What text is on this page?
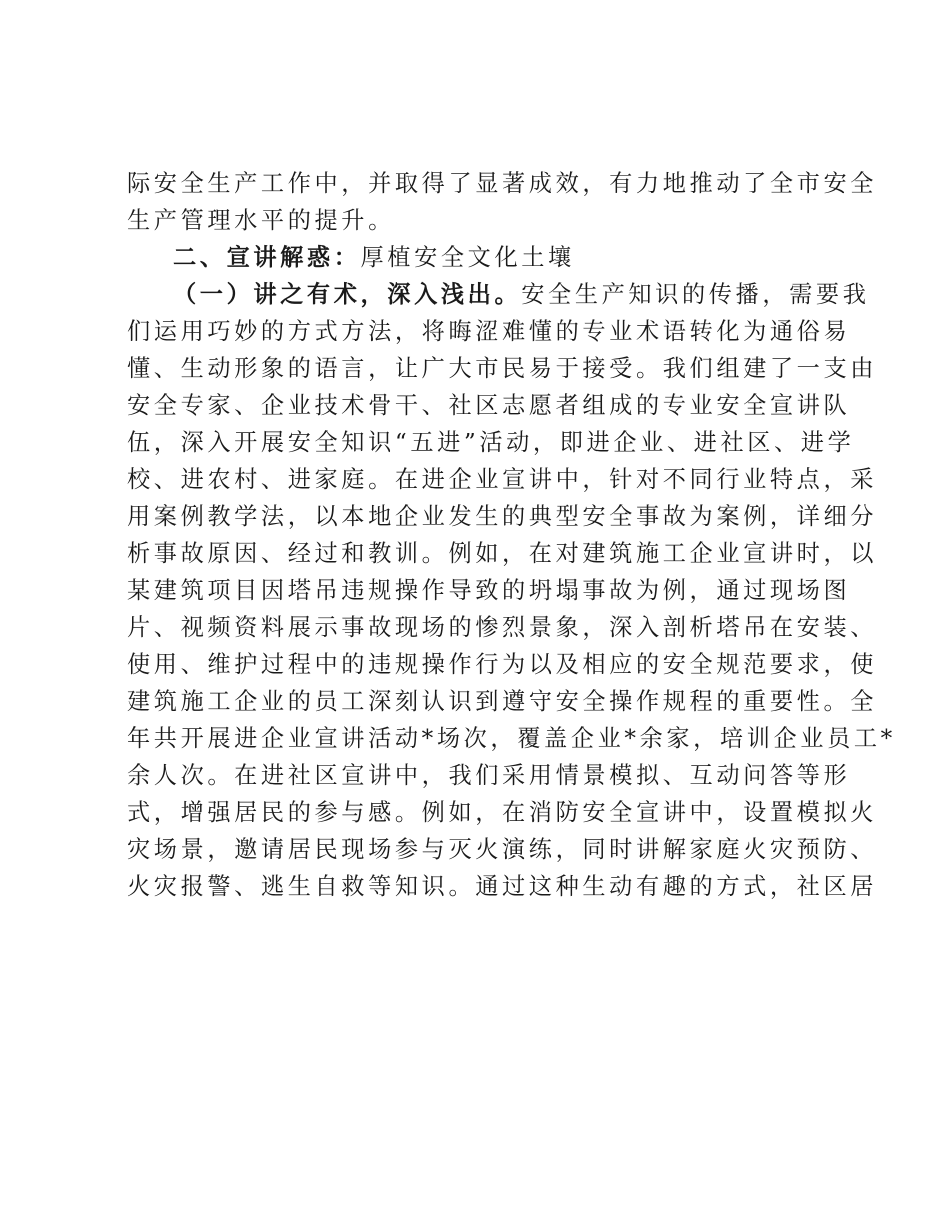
际安全生产工作中，并取得了显著成效，有力地推动了全市安全
生产管理水平的提升。
二、宣讲解惑：厚植安全文化土壤
（一）讲之有术，深入浅出。安全生产知识的传播，需要我
们运用巧妙的方式方法，将晦涩难懂的专业术语转化为通俗易
懂、生动形象的语言，让广大市民易于接受。我们组建了一支由
安全专家、企业技术骨干、社区志愿者组成的专业安全宣讲队
伍，深入开展安全知识“五进”活动，即进企业、进社区、进学
校、进农村、进家庭。在进企业宣讲中，针对不同行业特点，采
用案例教学法，以本地企业发生的典型安全事故为案例，详细分
析事故原因、经过和教训。例如，在对建筑施工企业宣讲时，以
某建筑项目因塔吊违规操作导致的坍塌事故为例，通过现场图
片、视频资料展示事故现场的惨烈景象，深入剖析塔吊在安装、
使用、维护过程中的违规操作行为以及相应的安全规范要求，使
建筑施工企业的员工深刻认识到遵守安全操作规程的重要性。全
年共开展进企业宣讲活动*场次，覆盖企业*余家，培训企业员工*
余人次。在进社区宣讲中，我们采用情景模拟、互动问答等形
式，增强居民的参与感。例如，在消防安全宣讲中，设置模拟火
灾场景，邀请居民现场参与灭火演练，同时讲解家庭火灾预防、
火灾报警、逃生自救等知识。通过这种生动有趣的方式，社区居
